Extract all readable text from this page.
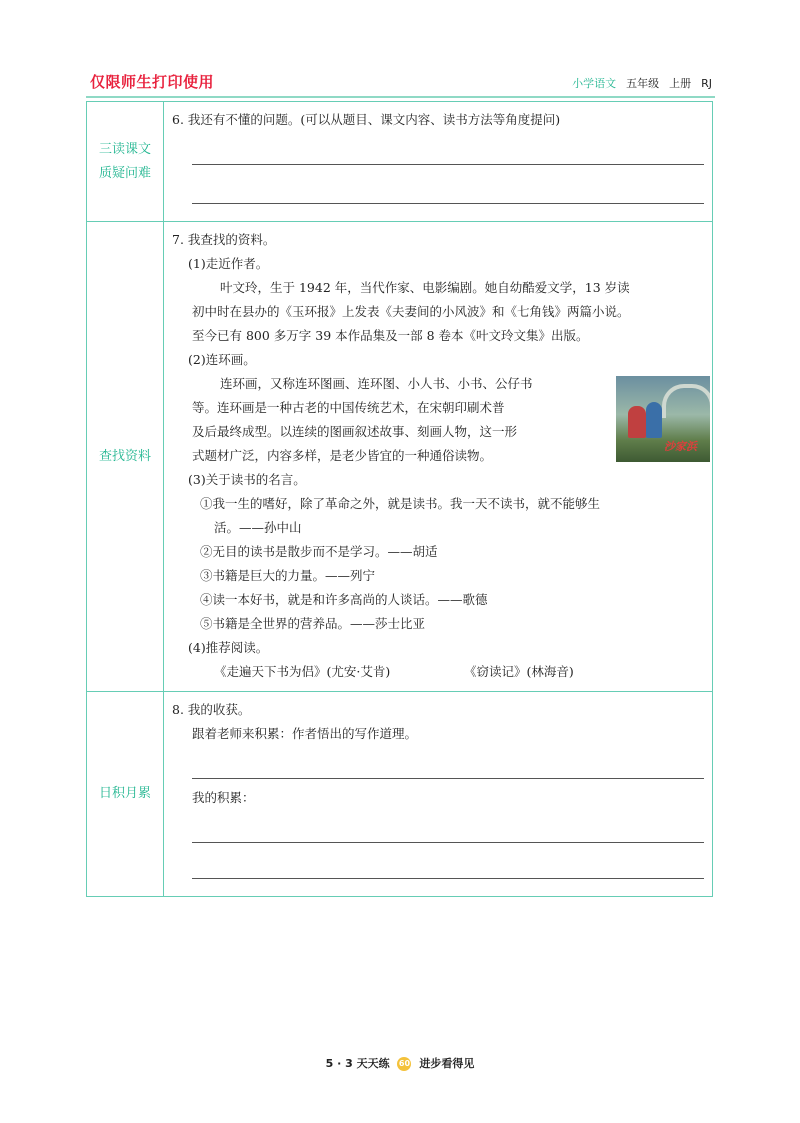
仅限师生打印使用	小学语文 五年级 上册 RJ
三读课文
质疑问难
6. 我还有不懂的问题。(可以从题目、课文内容、读书方法等角度提问)
查找资料
7. 我查找的资料。
(1)走近作者。
叶文玲，生于 1942 年，当代作家、电影编剧。她自幼酷爱文学，13 岁读
初中时在县办的《玉环报》上发表《夫妻间的小风波》和《七角钱》两篇小说。
至今已有 800 多万字 39 本作品集及一部 8 卷本《叶文玲文集》出版。
(2)连环画。
连环画，又称连环图画、连环图、小人书、小书、公仔书
等。连环画是一种古老的中国传统艺术，在宋朝印刷术普
及后最终成型。以连续的图画叙述故事、刻画人物，这一形
式题材广泛，内容多样，是老少皆宜的一种通俗读物。
(3)关于读书的名言。
①我一生的嗜好，除了革命之外，就是读书。我一天不读书，就不能够生
活。——孙中山
②无目的读书是散步而不是学习。——胡适
③书籍是巨大的力量。——列宁
④读一本好书，就是和许多高尚的人谈话。——歌德
⑤书籍是全世界的营养品。——莎士比亚
(4)推荐阅读。
《走遍天下书为侣》(尤安·艾肯)	《窃读记》(林海音)
沙家浜
日积月累
8. 我的收获。
跟着老师来积累：作者悟出的写作道理。
我的积累：
5 · 3 天天练 60 进步看得见
